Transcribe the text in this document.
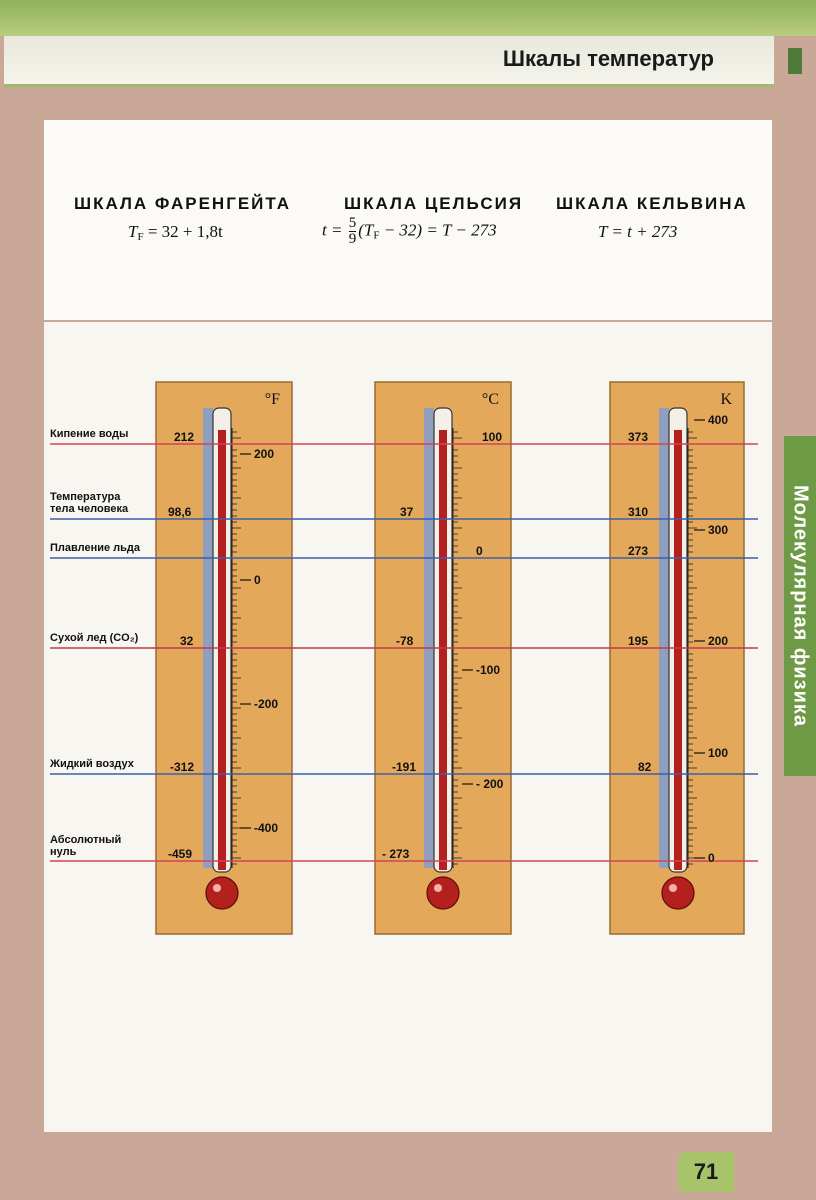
Шкалы температур
Молекулярная физика
ШКАЛА ФАРЕНГЕЙТА
$T_F = 32 + 1,8t$
ШКАЛА ЦЕЛЬСИЯ
$t = \frac{5}{9} (T_F - 32) = T - 273$
ШКАЛА КЕЛЬВИНА
T = t + 273
°F	°C	K
212
98,6
32
-312
-459
100
37
0
-78
-191
- 273
373
310
273
195
82
200
0
-200
-400
-100
- 200
400
300
200
100
0
71
Кипение воды
Температура
тела человека
Плавление льда
Сухой лед (CO₂)
Жидкий воздух
Абсолютный
нуль
